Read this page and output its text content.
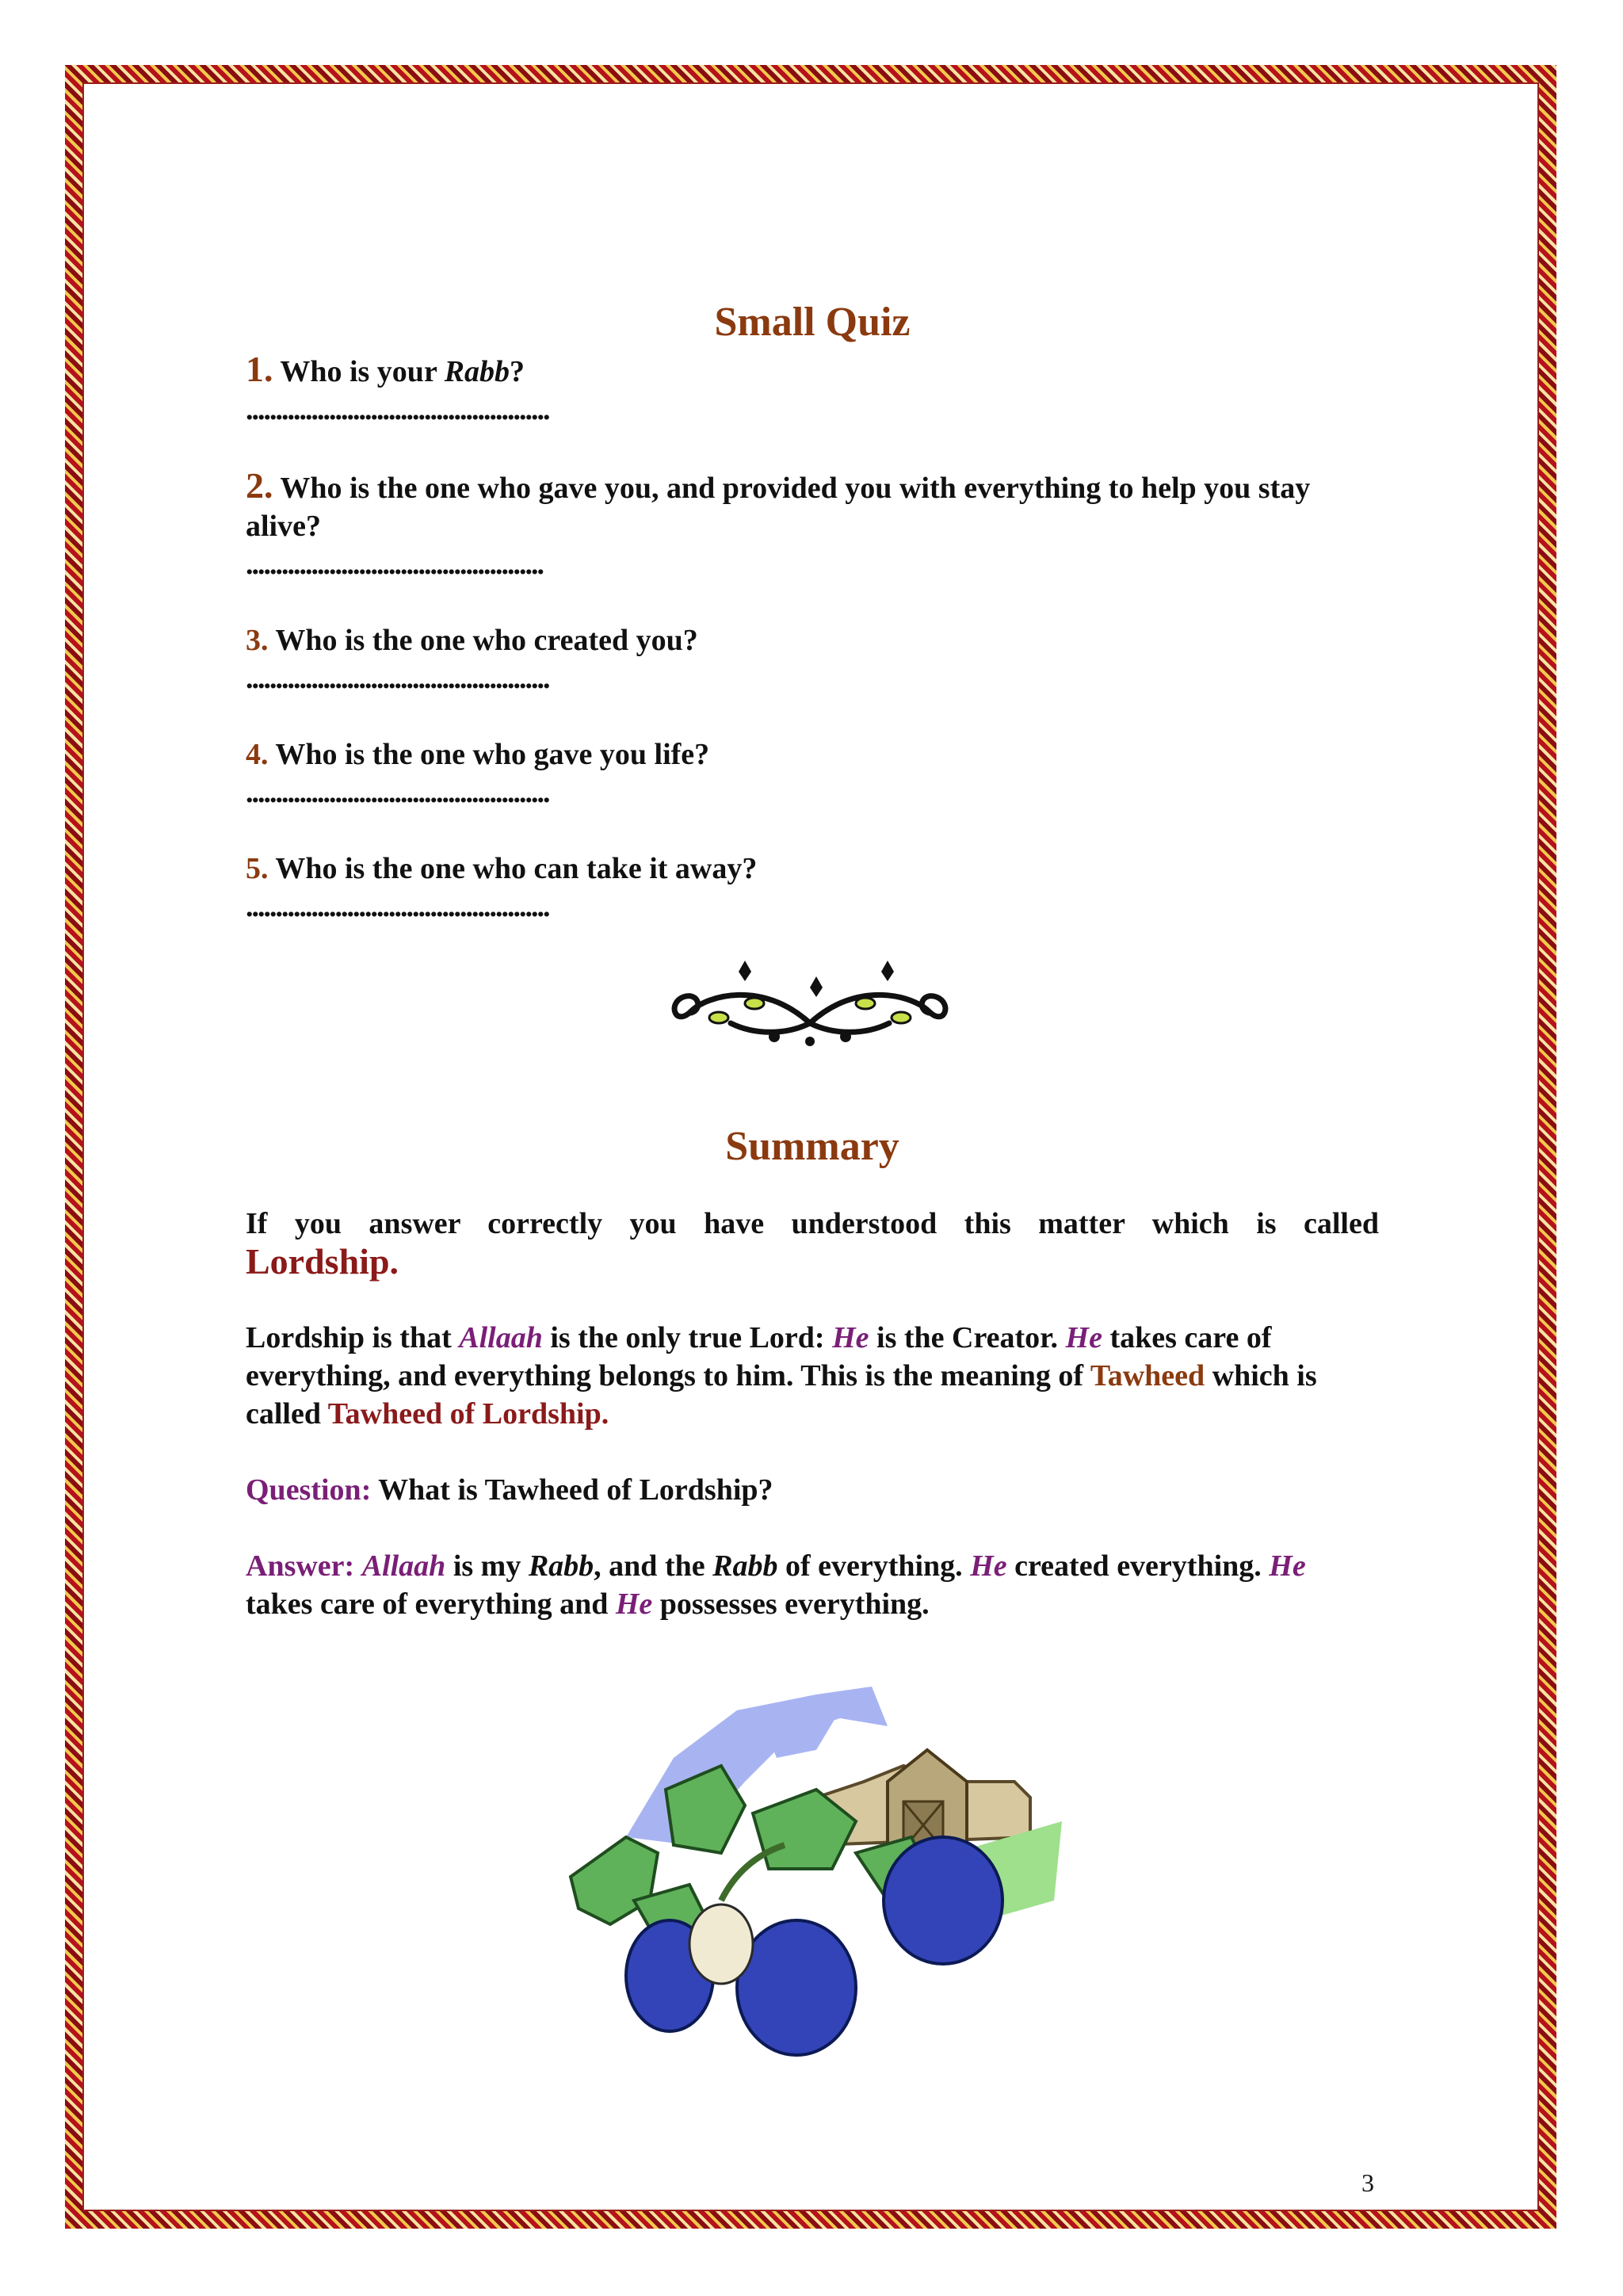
Small Quiz

1. Who is your Rabb?

...................................................

2. Who is the one who gave you, and provided you with everything to help you stay alive?

..................................................

3. Who is the one who created you?

...................................................

4. Who is the one who gave you life?

...................................................

5. Who is the one who can take it away?

...................................................

Summary

If you answer correctly you have understood this matter which is called

Lordship.

Lordship is that Allaah is the only true Lord: He is the Creator. He takes care of everything, and everything belongs to him. This is the meaning of Tawheed which is called Tawheed of Lordship.

Question: What is Tawheed of Lordship?

Answer: Allaah is my Rabb, and the Rabb of everything. He created everything. He takes care of everything and He possesses everything.

3
